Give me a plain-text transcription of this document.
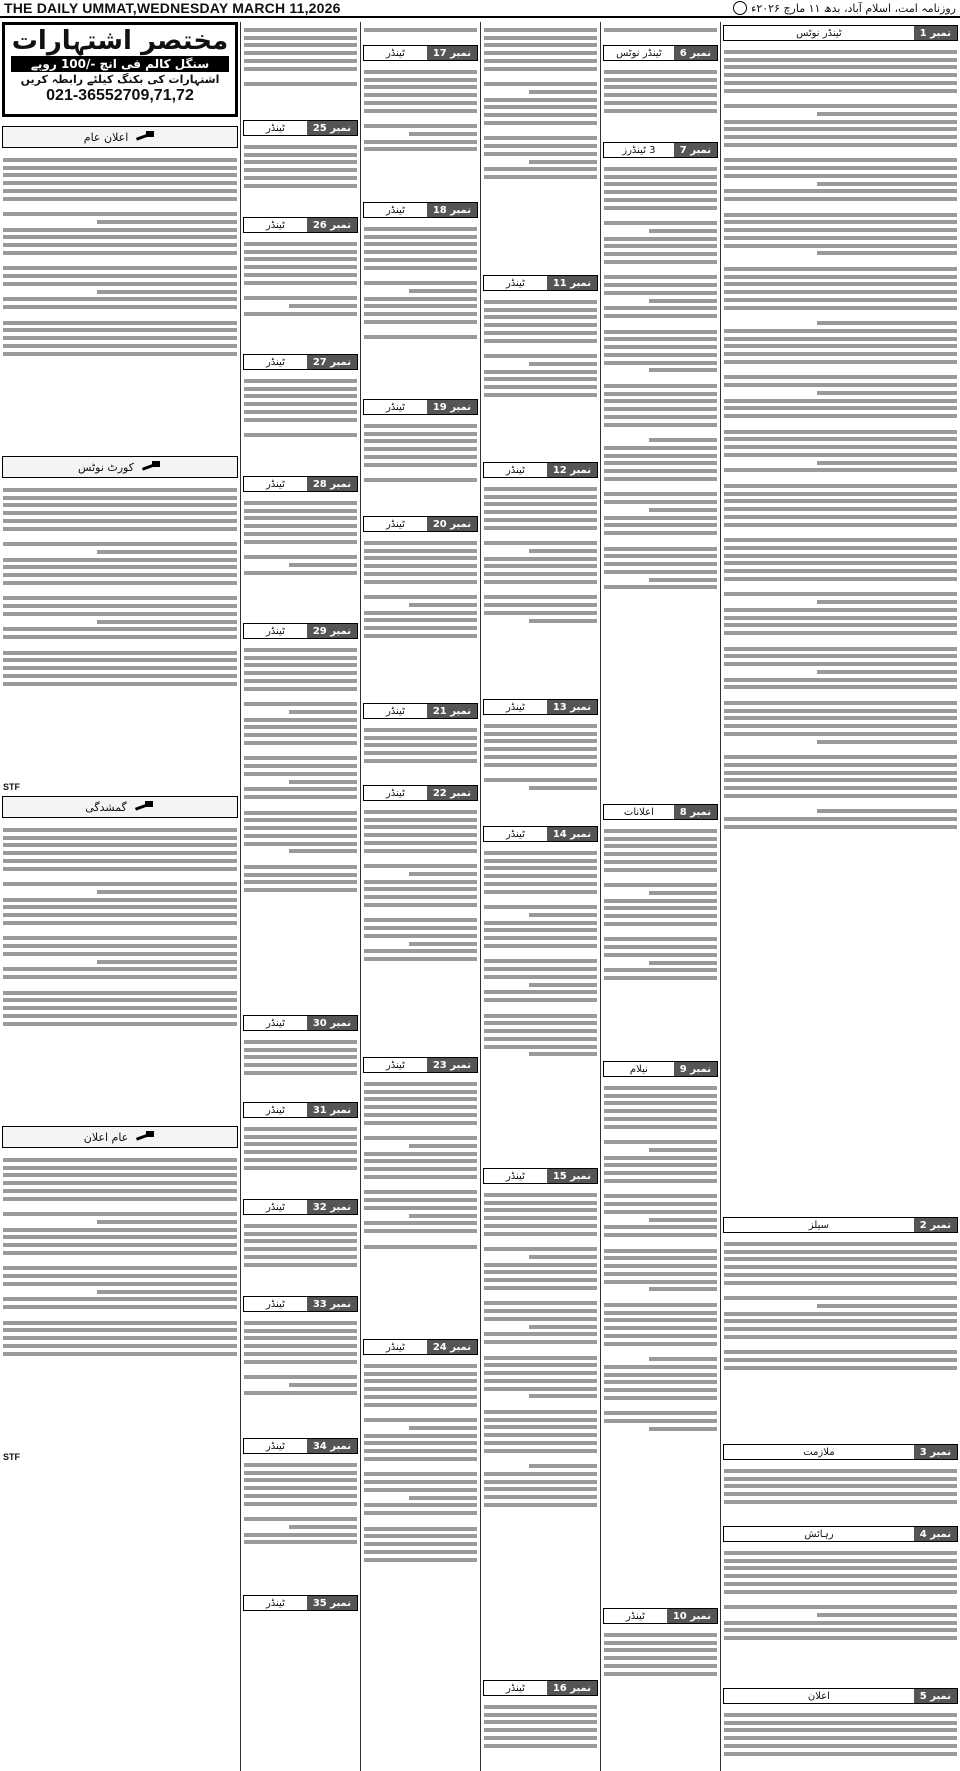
THE DAILY UMMAT,WEDNESDAY MARCH 11,2026	روزنامہ امت، اسلام آباد، بدھ ۱۱ مارچ ۲۰۲۶ء
مختصر اشتہارات
سنگل کالم فی انچ -/100 روپے
اشتہارات کی بکنگ کیلئے رابطہ کریں
021-36552709,71,72
اعلان عام
کورٹ نوٹس
STF
گمشدگی
عام اعلان
STF
نمبر 25
ٹینڈر
نمبر 26
ٹینڈر
نمبر 27
ٹینڈر
نمبر 28
ٹینڈر
نمبر 29
ٹینڈر
نمبر 30
ٹینڈر
نمبر 31
ٹینڈر
نمبر 32
ٹینڈر
نمبر 33
ٹینڈر
نمبر 34
ٹینڈر
نمبر 35
ٹینڈر
نمبر 17
ٹینڈر
نمبر 18
ٹینڈر
نمبر 19
ٹینڈر
نمبر 20
ٹینڈر
نمبر 21
ٹینڈر
نمبر 22
ٹینڈر
نمبر 23
ٹینڈر
نمبر 24
ٹینڈر
نمبر 11
ٹینڈر
نمبر 12
ٹینڈر
نمبر 13
ٹینڈر
نمبر 14
ٹینڈر
نمبر 15
ٹینڈر
نمبر 16
ٹینڈر
نمبر 6
ٹینڈر نوٹس
نمبر 7
3 ٹینڈرز
نمبر 8
اعلانات
نمبر 9
نیلام
نمبر 10
ٹینڈر
نمبر 1
ٹینڈر نوٹس
نمبر 2
سیلز
نمبر 3
ملازمت
نمبر 4
رہائش
نمبر 5
اعلان
